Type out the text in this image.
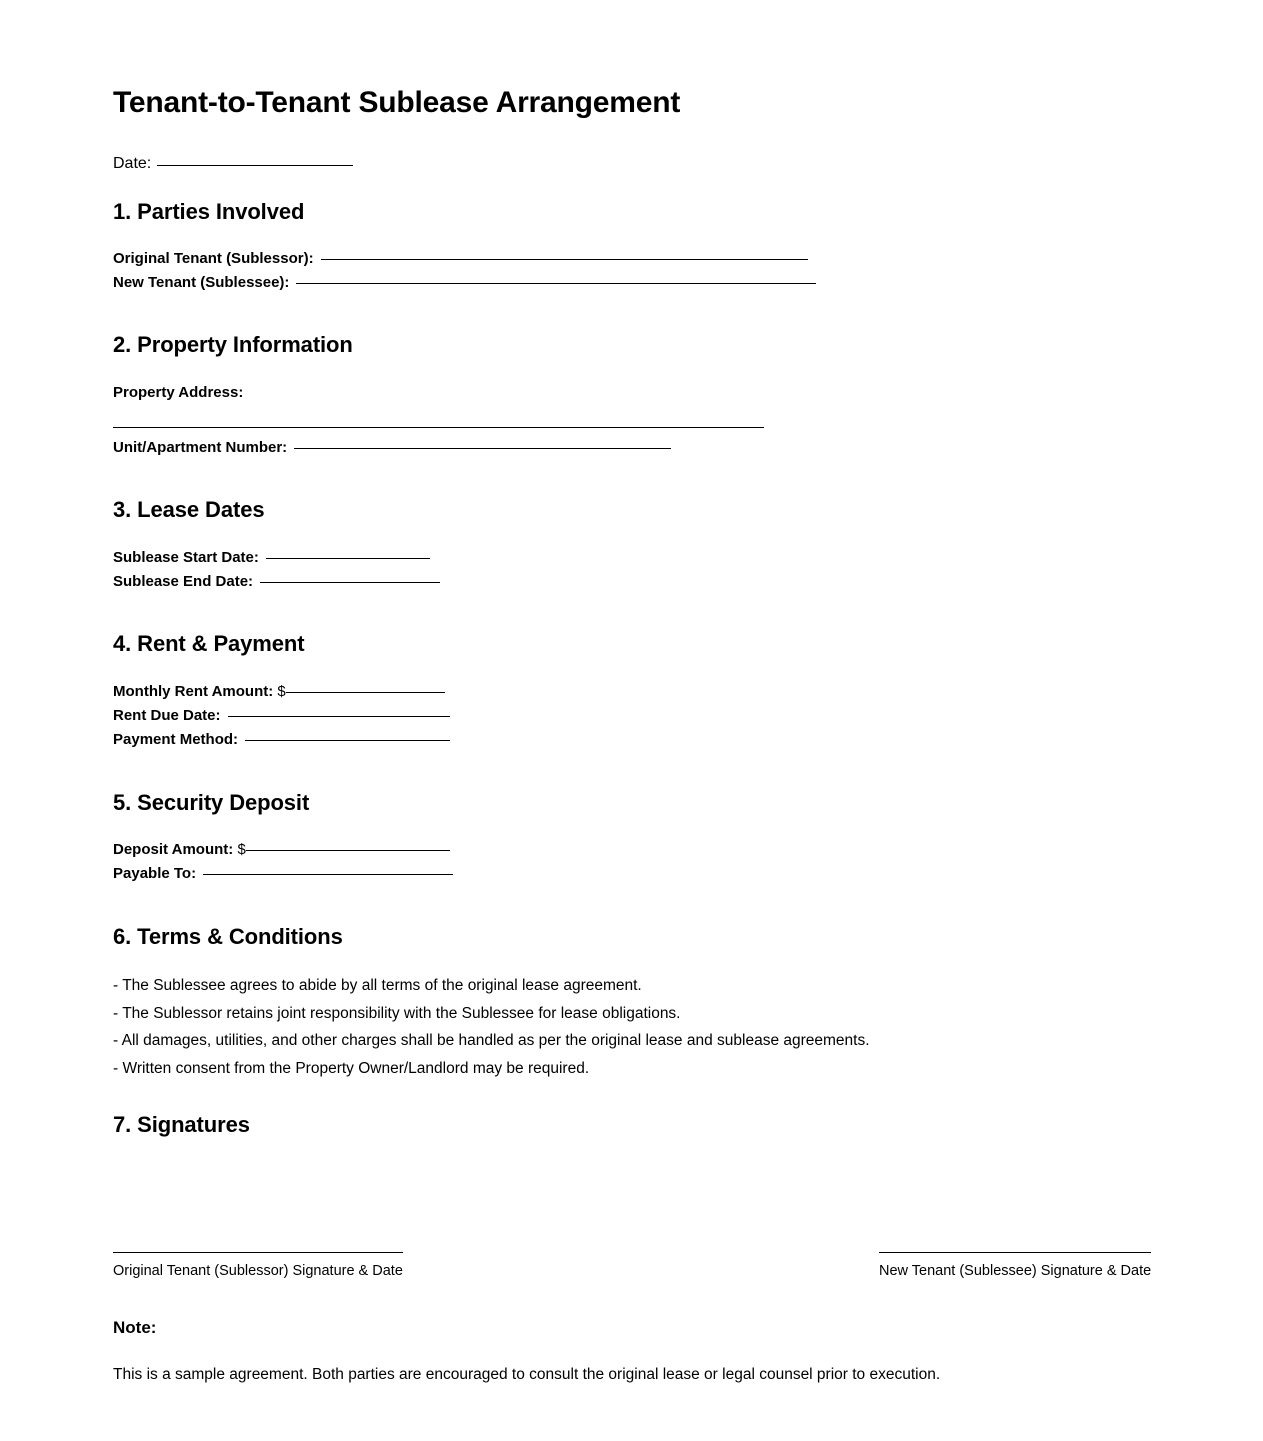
Tenant-to-Tenant Sublease Arrangement
Date:
1. Parties Involved
Original Tenant (Sublessor):
New Tenant (Sublessee):
2. Property Information
Property Address:
Unit/Apartment Number:
3. Lease Dates
Sublease Start Date:
Sublease End Date:
4. Rent & Payment
Monthly Rent Amount: $
Rent Due Date:
Payment Method:
5. Security Deposit
Deposit Amount: $
Payable To:
6. Terms & Conditions
- The Sublessee agrees to abide by all terms of the original lease agreement.
- The Sublessor retains joint responsibility with the Sublessee for lease obligations.
- All damages, utilities, and other charges shall be handled as per the original lease and sublease agreements.
- Written consent from the Property Owner/Landlord may be required.
7. Signatures
Original Tenant (Sublessor) Signature & Date	New Tenant (Sublessee) Signature & Date
Note:
This is a sample agreement. Both parties are encouraged to consult the original lease or legal counsel prior to execution.
